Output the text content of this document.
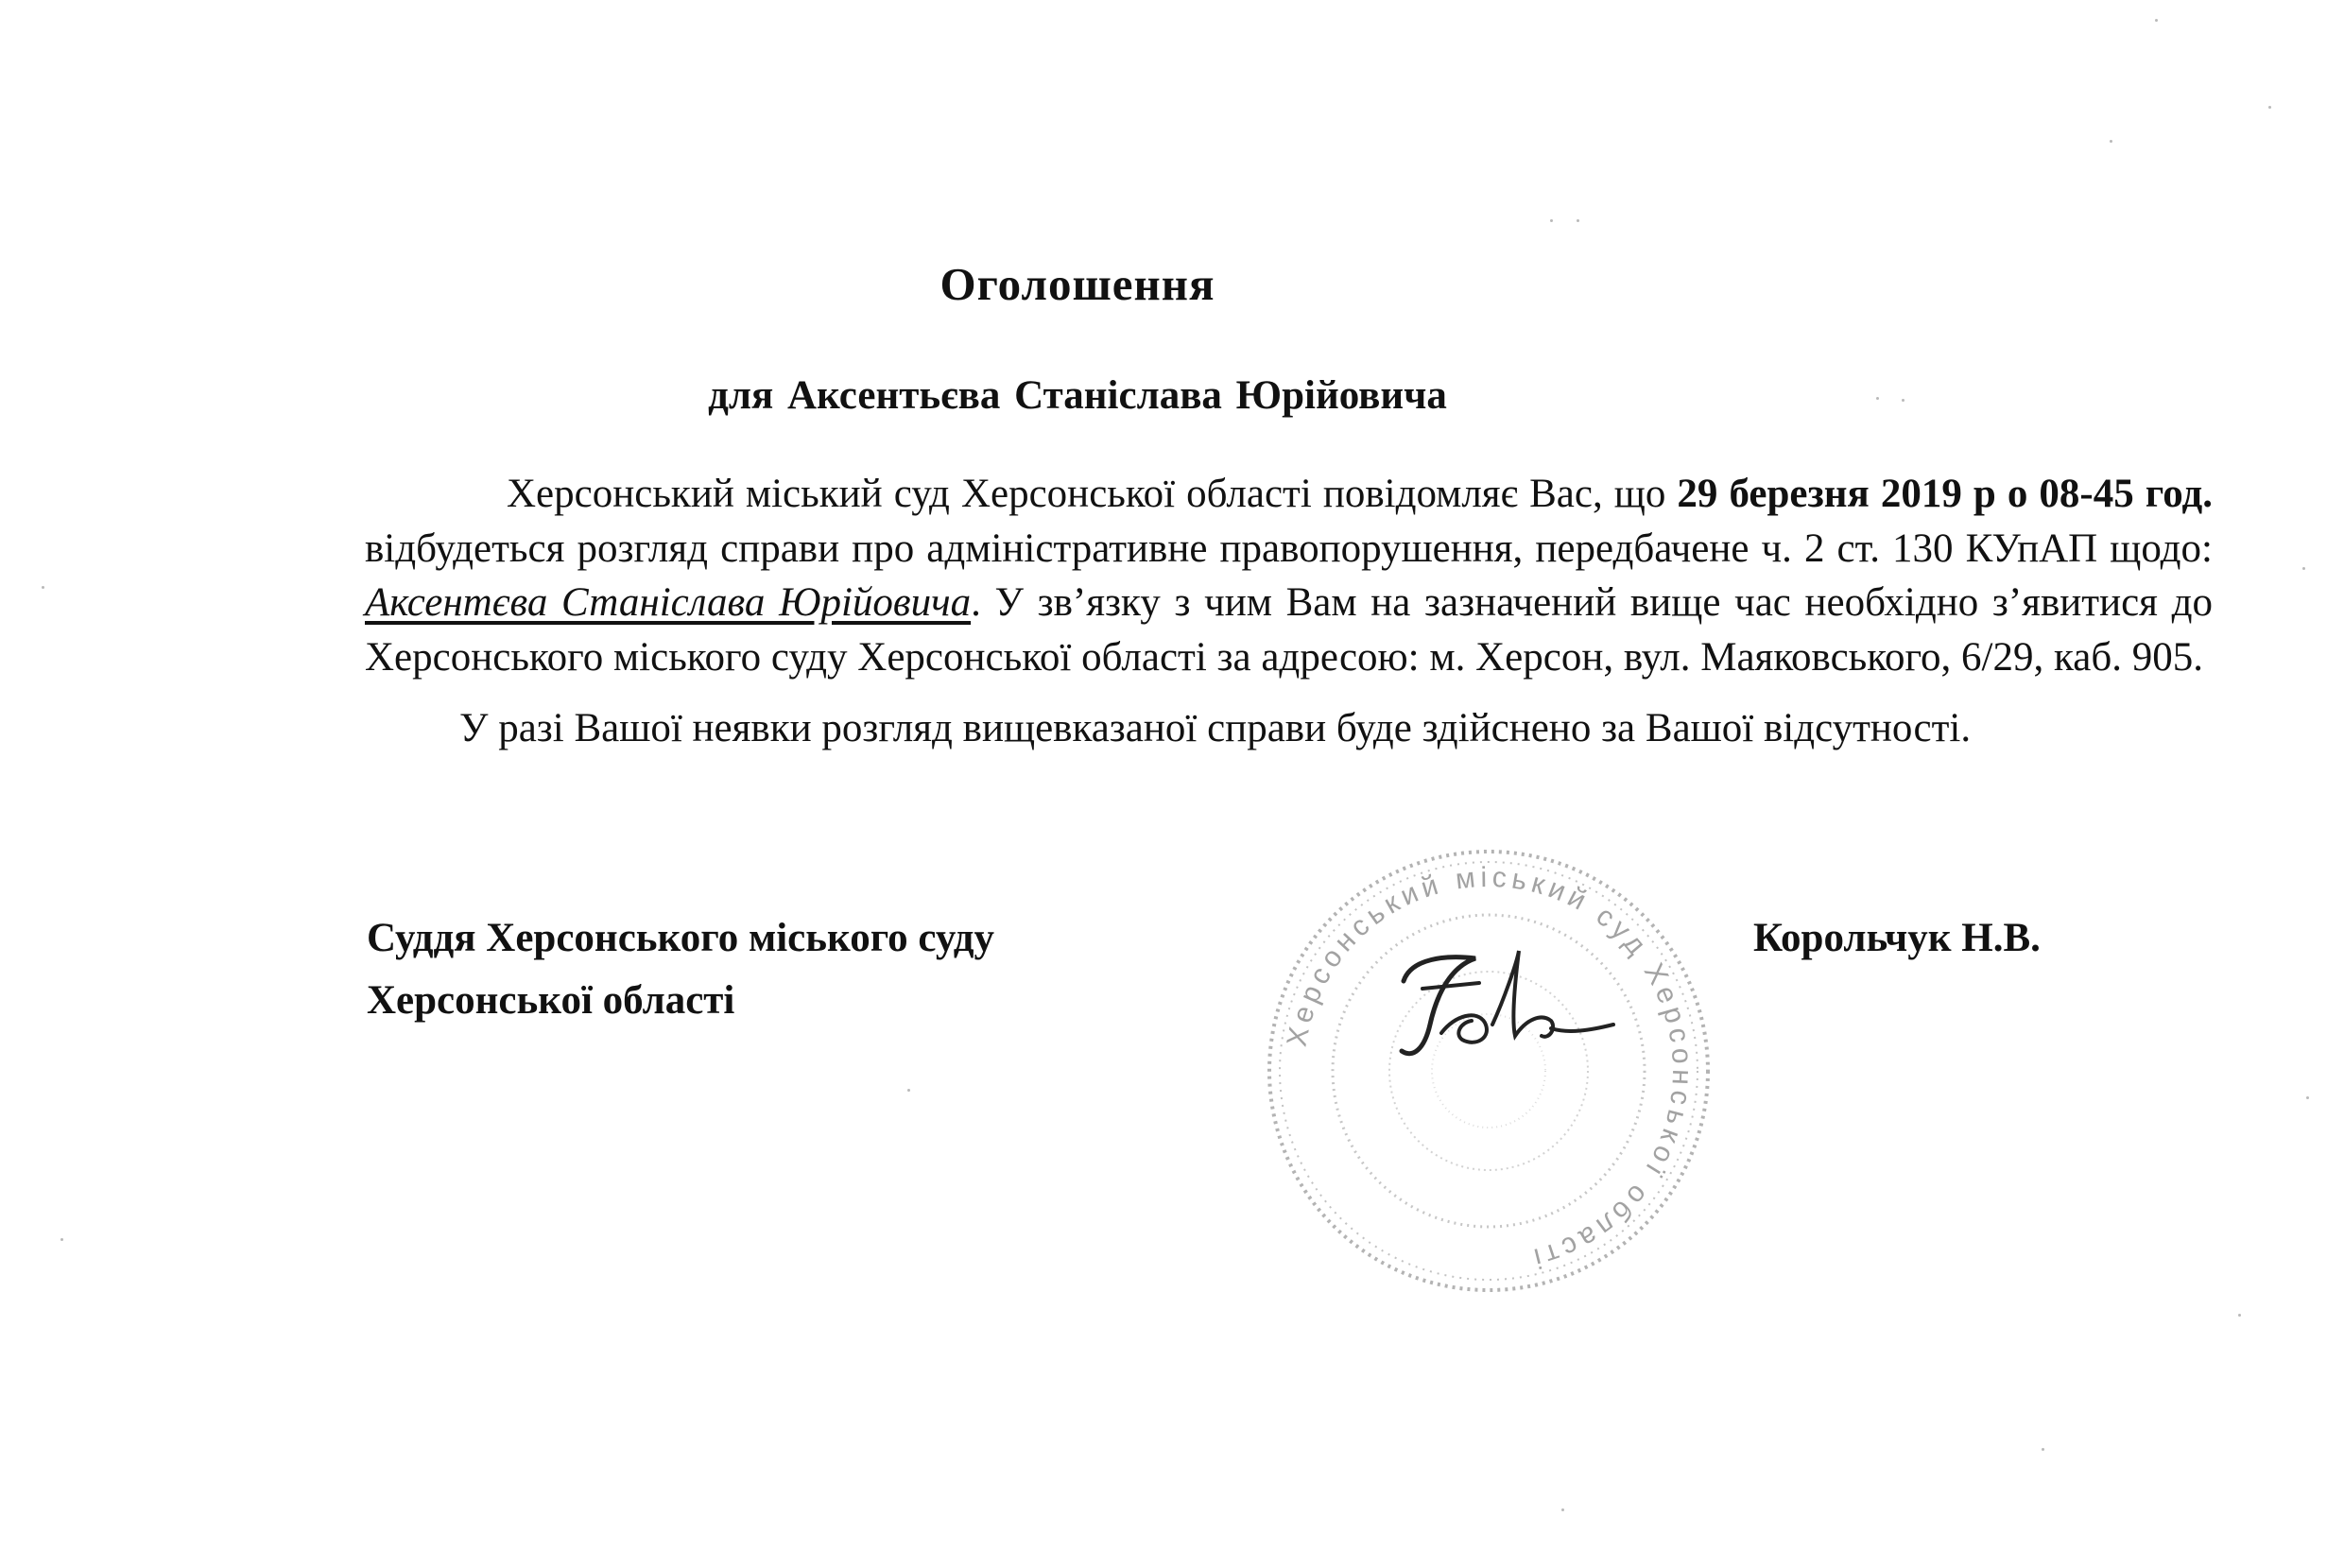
Оголошення
для Аксентьєва Станіслава Юрійовича

Херсонський міський суд Херсонської області повідомляє Вас, що 29 березня 2019 р о 08-45 год. відбудеться розгляд справи про адміністративне правопорушення, передбачене ч. 2 ст. 130 КУпАП щодо: Аксентєва Станіслава Юрійовича. У зв’язку з чим Вам на зазначений вище час необхідно з’явитися до Херсонського міського суду Херсонської області за адресою: м. Херсон, вул. Маяковського, 6/29, каб. 905.

У разі Вашої неявки розгляд вищевказаної справи буде здійснено за Вашої відсутності.

Суддя Херсонського міського суду
Херсонської області
Корольчук Н.В.
Херсонський міський суд Херсонської області
